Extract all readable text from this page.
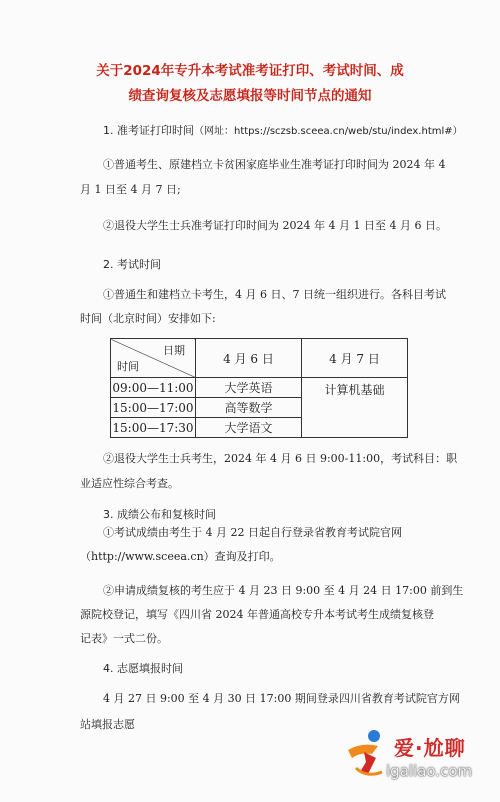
关于2024年专升本考试准考证打印、考试时间、成
绩查询复核及志愿填报等时间节点的通知
1. 准考证打印时间（网址：https://sczsb.sceea.cn/web/stu/index.html#）
①普通考生、原建档立卡贫困家庭毕业生准考证打印时间为 2024 年 4
月 1 日至 4 月 7 日;
②退役大学生士兵准考证打印时间为 2024 年 4 月 1 日至 4 月 6 日。
2. 考试时间
①普通生和建档立卡考生，4 月 6 日、7 日统一组织进行。各科目考试
时间（北京时间）安排如下:
日期
时间	4 月 6 日	4 月 7 日
09:00—11:00	大学英语	计算机基础
15:00—17:00	高等数学	
15:00—17:30	大学语文	
②退役大学生士兵考生，2024 年 4 月 6 日 9:00-11:00，考试科目：职
业适应性综合考查。
3. 成绩公布和复核时间
①考试成绩由考生于 4 月 22 日起自行登录省教育考试院官网
（http://www.sceea.cn）查询及打印。
②申请成绩复核的考生应于 4 月 23 日 9:00 至 4 月 24 日 17:00 前到生
源院校登记，填写《四川省 2024 年普通高校专升本考试考生成绩复核登
记表》一式二份。
4. 志愿填报时间
4 月 27 日 9:00 至 4 月 30 日 17:00 期间登录四川省教育考试院官方网
站填报志愿
爱·尬聊
igaliao.com
